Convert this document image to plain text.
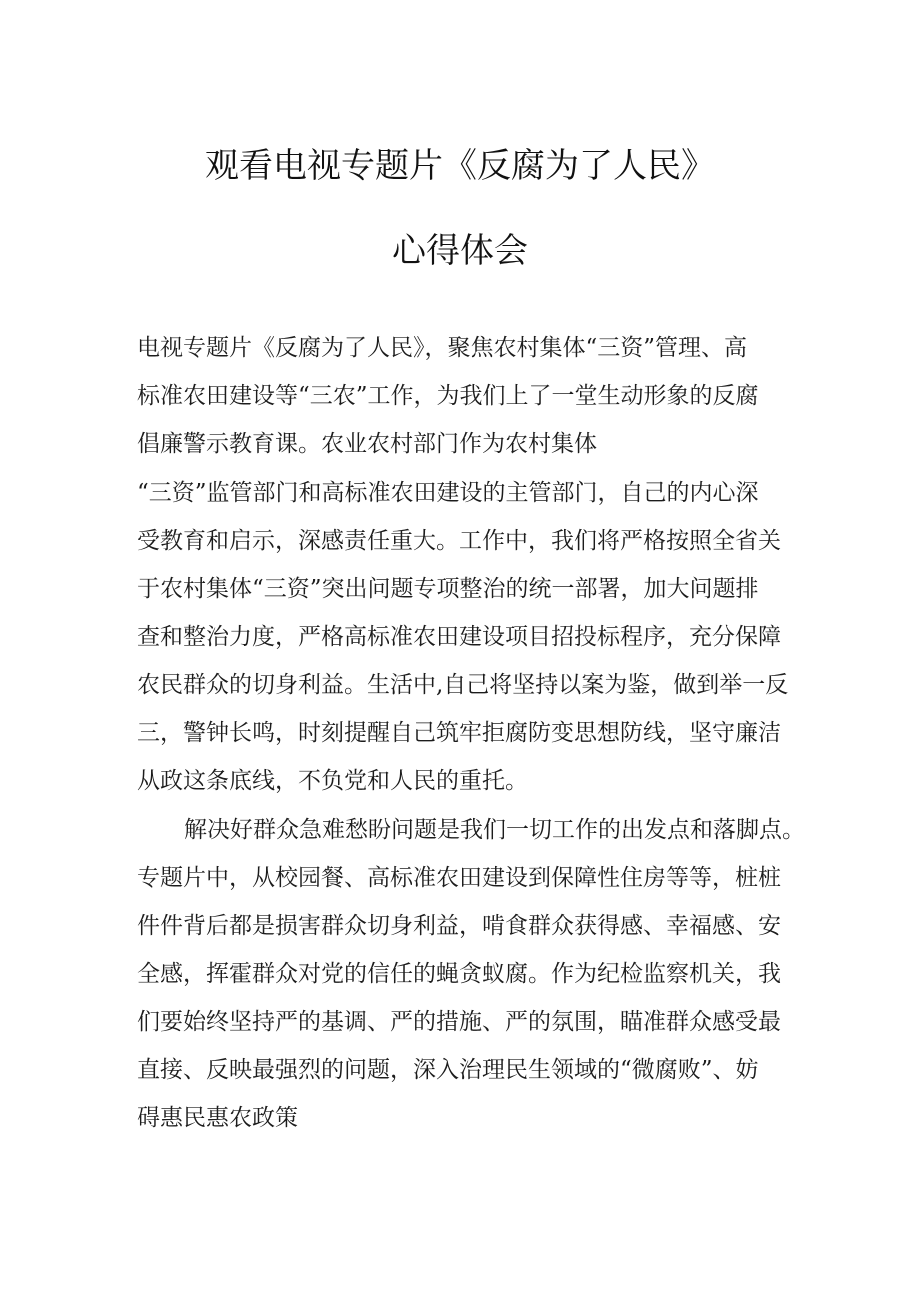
观看电视专题片《反腐为了人民》
心得体会
电视专题片《反腐为了人民》，聚焦农村集体“三资”管理、高
标准农田建设等“三农”工作，为我们上了一堂生动形象的反腐
倡廉警示教育课。农业农村部门作为农村集体
“三资”监管部门和高标准农田建设的主管部门，自己的内心深
受教育和启示，深感责任重大。工作中，我们将严格按照全省关
于农村集体“三资”突出问题专项整治的统一部署，加大问题排
查和整治力度，严格高标准农田建设项目招投标程序，充分保障
农民群众的切身利益。生活中,自己将坚持以案为鉴，做到举一反
三，警钟长鸣，时刻提醒自己筑牢拒腐防变思想防线，坚守廉洁
从政这条底线，不负党和人民的重托。
解决好群众急难愁盼问题是我们一切工作的出发点和落脚点。
专题片中，从校园餐、高标准农田建设到保障性住房等等，桩桩
件件背后都是损害群众切身利益，啃食群众获得感、幸福感、安
全感，挥霍群众对党的信任的蝇贪蚁腐。作为纪检监察机关，我
们要始终坚持严的基调、严的措施、严的氛围，瞄准群众感受最
直接、反映最强烈的问题，深入治理民生领域的“微腐败”、妨
碍惠民惠农政策
